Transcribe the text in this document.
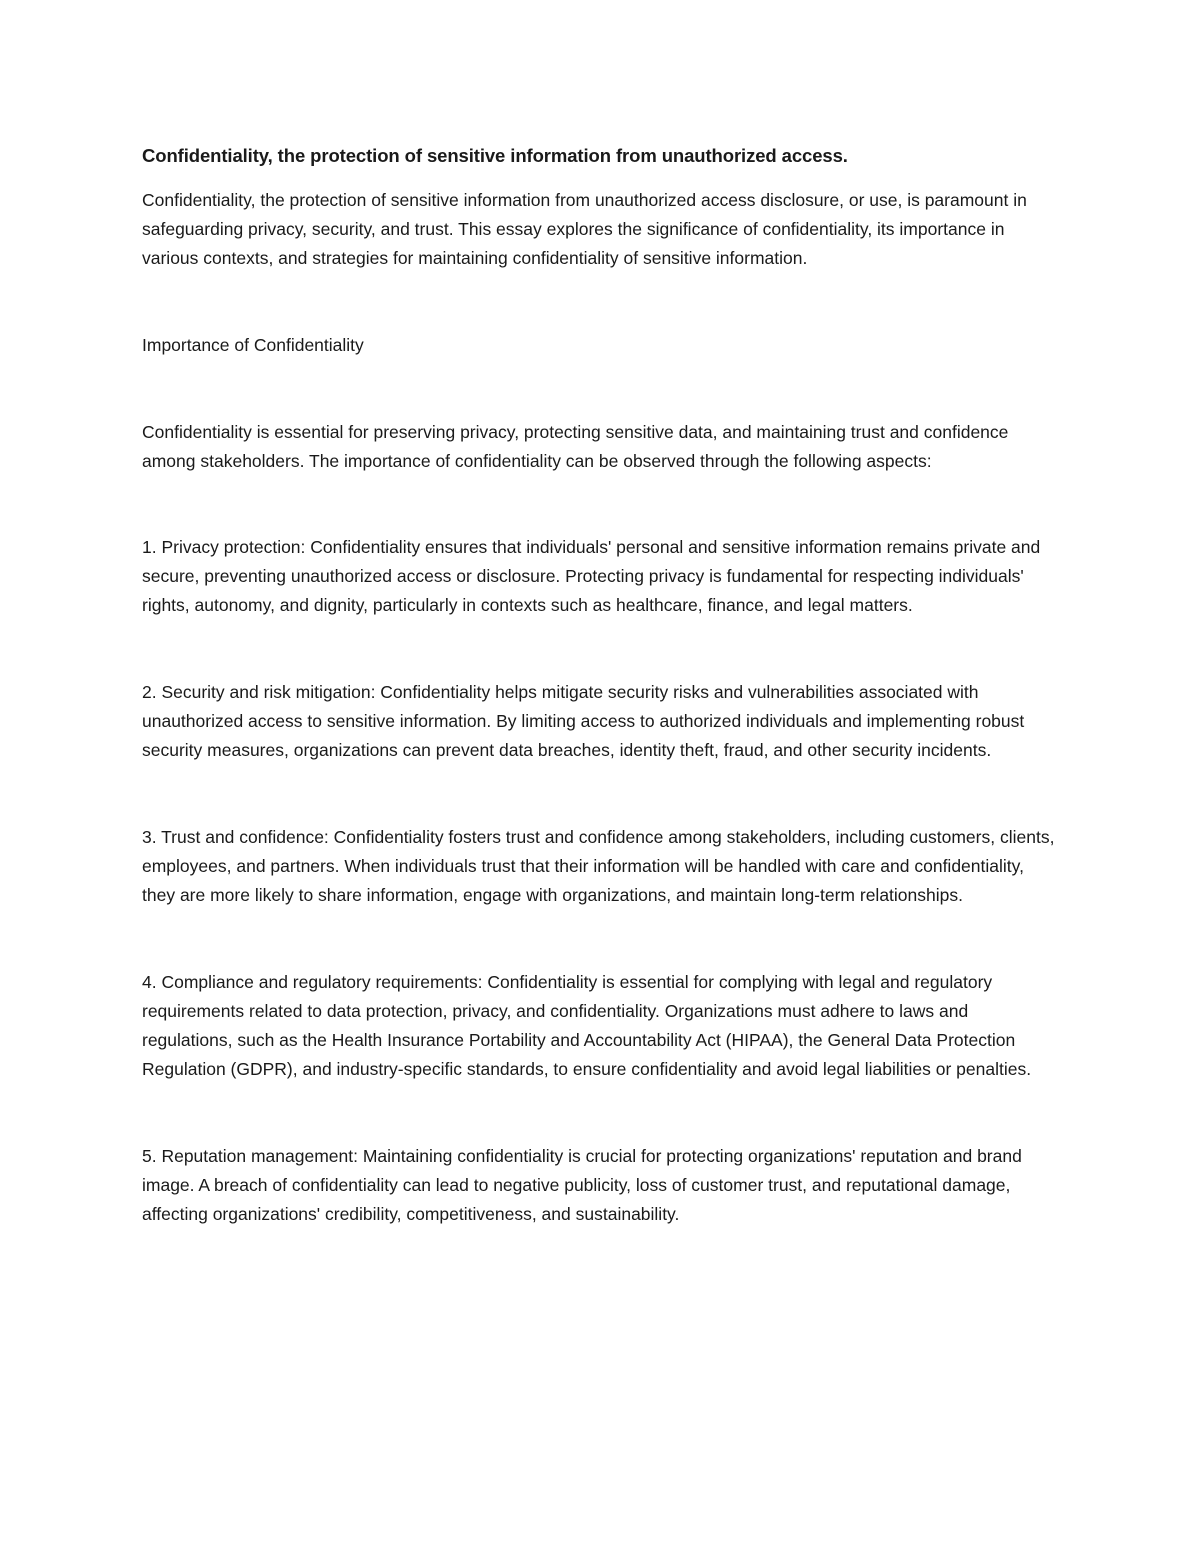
Confidentiality, the protection of sensitive information from unauthorized access.

Confidentiality, the protection of sensitive information from unauthorized access disclosure, or use, is paramount in safeguarding privacy, security, and trust. This essay explores the significance of confidentiality, its importance in various contexts, and strategies for maintaining confidentiality of sensitive information.

Importance of Confidentiality

Confidentiality is essential for preserving privacy, protecting sensitive data, and maintaining trust and confidence among stakeholders. The importance of confidentiality can be observed through the following aspects:

1. Privacy protection: Confidentiality ensures that individuals' personal and sensitive information remains private and secure, preventing unauthorized access or disclosure. Protecting privacy is fundamental for respecting individuals' rights, autonomy, and dignity, particularly in contexts such as healthcare, finance, and legal matters.

2. Security and risk mitigation: Confidentiality helps mitigate security risks and vulnerabilities associated with unauthorized access to sensitive information. By limiting access to authorized individuals and implementing robust security measures, organizations can prevent data breaches, identity theft, fraud, and other security incidents.

3. Trust and confidence: Confidentiality fosters trust and confidence among stakeholders, including customers, clients, employees, and partners. When individuals trust that their information will be handled with care and confidentiality, they are more likely to share information, engage with organizations, and maintain long-term relationships.

4. Compliance and regulatory requirements: Confidentiality is essential for complying with legal and regulatory requirements related to data protection, privacy, and confidentiality. Organizations must adhere to laws and regulations, such as the Health Insurance Portability and Accountability Act (HIPAA), the General Data Protection Regulation (GDPR), and industry-specific standards, to ensure confidentiality and avoid legal liabilities or penalties.

5. Reputation management: Maintaining confidentiality is crucial for protecting organizations' reputation and brand image. A breach of confidentiality can lead to negative publicity, loss of customer trust, and reputational damage, affecting organizations' credibility, competitiveness, and sustainability.
